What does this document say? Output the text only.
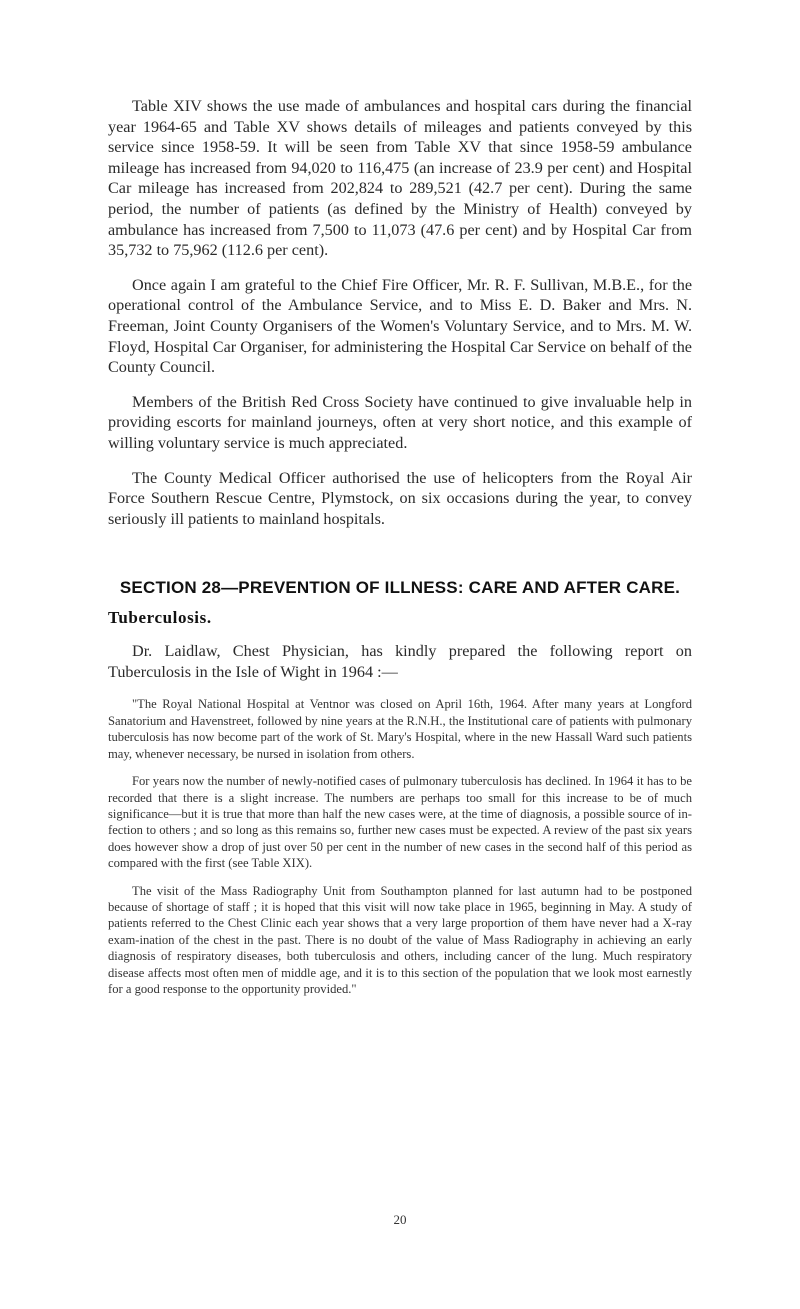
Table XIV shows the use made of ambulances and hospital cars during the financial year 1964-65 and Table XV shows details of mileages and patients conveyed by this service since 1958-59. It will be seen from Table XV that since 1958-59 ambulance mileage has increased from 94,020 to 116,475 (an increase of 23.9 per cent) and Hospital Car mileage has increased from 202,824 to 289,521 (42.7 per cent). During the same period, the number of patients (as defined by the Ministry of Health) conveyed by ambulance has increased from 7,500 to 11,073 (47.6 per cent) and by Hospital Car from 35,732 to 75,962 (112.6 per cent).

Once again I am grateful to the Chief Fire Officer, Mr. R. F. Sullivan, M.B.E., for the operational control of the Ambulance Service, and to Miss E. D. Baker and Mrs. N. Freeman, Joint County Organisers of the Women's Voluntary Service, and to Mrs. M. W. Floyd, Hospital Car Organiser, for administering the Hospital Car Service on behalf of the County Council.

Members of the British Red Cross Society have continued to give invaluable help in providing escorts for mainland journeys, often at very short notice, and this example of willing voluntary service is much appreciated.

The County Medical Officer authorised the use of helicopters from the Royal Air Force Southern Rescue Centre, Plymstock, on six occasions during the year, to convey seriously ill patients to mainland hospitals.

SECTION 28—PREVENTION OF ILLNESS: CARE AND AFTER CARE.
Tuberculosis.

Dr. Laidlaw, Chest Physician, has kindly prepared the following report on Tuberculosis in the Isle of Wight in 1964 :—

"The Royal National Hospital at Ventnor was closed on April 16th, 1964. After many years at Longford Sanatorium and Havenstreet, followed by nine years at the R.N.H., the Institutional care of patients with pulmonary tuberculosis has now become part of the work of St. Mary's Hospital, where in the new Hassall Ward such patients may, whenever necessary, be nursed in isolation from others.

For years now the number of newly-notified cases of pulmonary tuberculosis has declined. In 1964 it has to be recorded that there is a slight increase. The numbers are perhaps too small for this increase to be of much significance—but it is true that more than half the new cases were, at the time of diagnosis, a possible source of in-fection to others ; and so long as this remains so, further new cases must be expected. A review of the past six years does however show a drop of just over 50 per cent in the number of new cases in the second half of this period as compared with the first (see Table XIX).

The visit of the Mass Radiography Unit from Southampton planned for last autumn had to be postponed because of shortage of staff ; it is hoped that this visit will now take place in 1965, beginning in May. A study of patients referred to the Chest Clinic each year shows that a very large proportion of them have never had a X-ray exam-ination of the chest in the past. There is no doubt of the value of Mass Radiography in achieving an early diagnosis of respiratory diseases, both tuberculosis and others, including cancer of the lung. Much respiratory disease affects most often men of middle age, and it is to this section of the population that we look most earnestly for a good response to the opportunity provided."

20
